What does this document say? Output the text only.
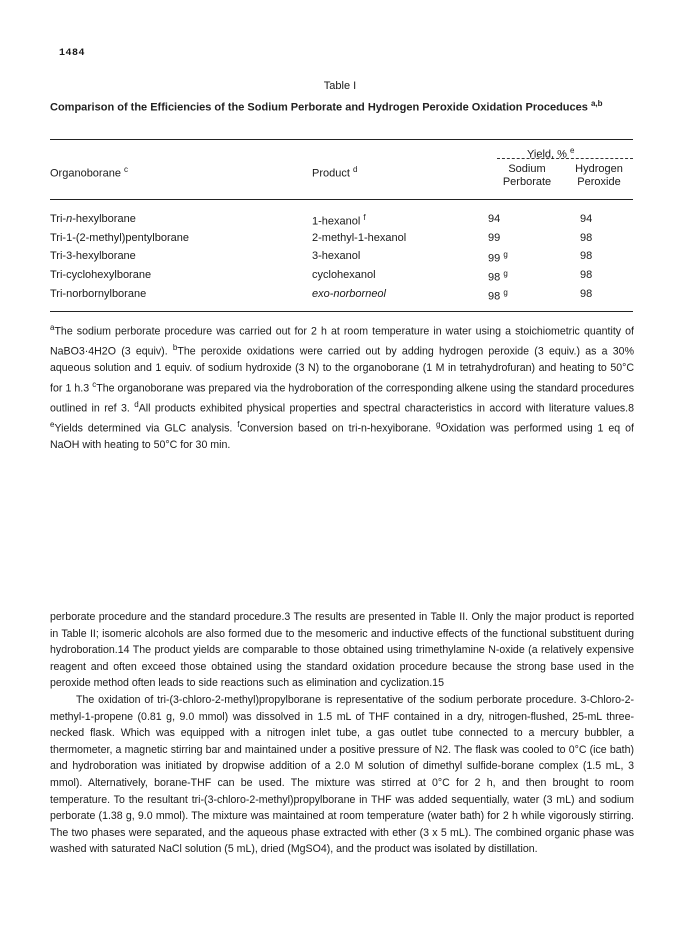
1484
Table I
Comparison of the Efficiencies of the Sodium Perborate and Hydrogen Peroxide Oxidation Proceduces $^{a,b}$
Yield, % $^e$
Organoborane $^c$	Product $^d$	Sodium
Perborate
Hydrogen
Peroxide
Tri-n-hexylborane	1-hexanol $^f$	94	94
Tri-1-(2-methyl)pentylborane	2-methyl-1-hexanol	99	98
Tri-3-hexylborane	3-hexanol	99 $^g$	98
Tri-cyclohexylborane	cyclohexanol	98 $^g$	98
Tri-norbornylborane	exo-norborneol	98 $^g$	98
$^a$The sodium perborate procedure was carried out for 2 h at room temperature in water using a stoichiometric quantity of NaBO3·4H2O (3 equiv). $^b$The peroxide oxidations were carried out by adding hydrogen peroxide (3 equiv.) as a 30% aqueous solution and 1 equiv. of sodium hydroxide (3 N) to the organoborane (1 M in tetrahydrofuran) and heating to 50°C for 1 h.3 $^c$The organoborane was prepared via the hydroboration of the corresponding alkene using the standard procedures outlined in ref 3. $^d$All products exhibited physical properties and spectral characteristics in accord with literature values.8 $^e$Yields determined via GLC analysis. $^f$Conversion based on tri-n-hexyiborane. $^g$Oxidation was performed using 1 eq of NaOH with heating to 50°C for 30 min.

perborate procedure and the standard procedure.3 The results are presented in Table II. Only the major product is reported in Table II; isomeric alcohols are also formed due to the mesomeric and inductive effects of the functional substituent during hydroboration.14 The product yields are comparable to those obtained using trimethylamine N-oxide (a relatively expensive reagent and often exceed those obtained using the standard oxidation procedure because the strong base used in the peroxide method often leads to side reactions such as elimination and cyclization.15

The oxidation of tri-(3-chloro-2-methyl)propylborane is representative of the sodium perborate procedure. 3-Chloro-2-methyl-1-propene (0.81 g, 9.0 mmol) was dissolved in 1.5 mL of THF contained in a dry, nitrogen-flushed, 25-mL three-necked flask. Which was equipped with a nitrogen inlet tube, a gas outlet tube connected to a mercury bubbler, a thermometer, a magnetic stirring bar and maintained under a positive pressure of N2. The flask was cooled to 0°C (ice bath) and hydroboration was initiated by dropwise addition of a 2.0 M solution of dimethyl sulfide-borane complex (1.5 mL, 3 mmol). Alternatively, borane-THF can be used. The mixture was stirred at 0°C for 2 h, and then brought to room temperature. To the resultant tri-(3-chloro-2-methyl)propylborane in THF was added sequentially, water (3 mL) and sodium perborate (1.38 g, 9.0 mmol). The mixture was maintained at room temperature (water bath) for 2 h while vigorously stirring. The two phases were separated, and the aqueous phase extracted with ether (3 x 5 mL). The combined organic phase was washed with saturated NaCl solution (5 mL), dried (MgSO4), and the product was isolated by distillation.
